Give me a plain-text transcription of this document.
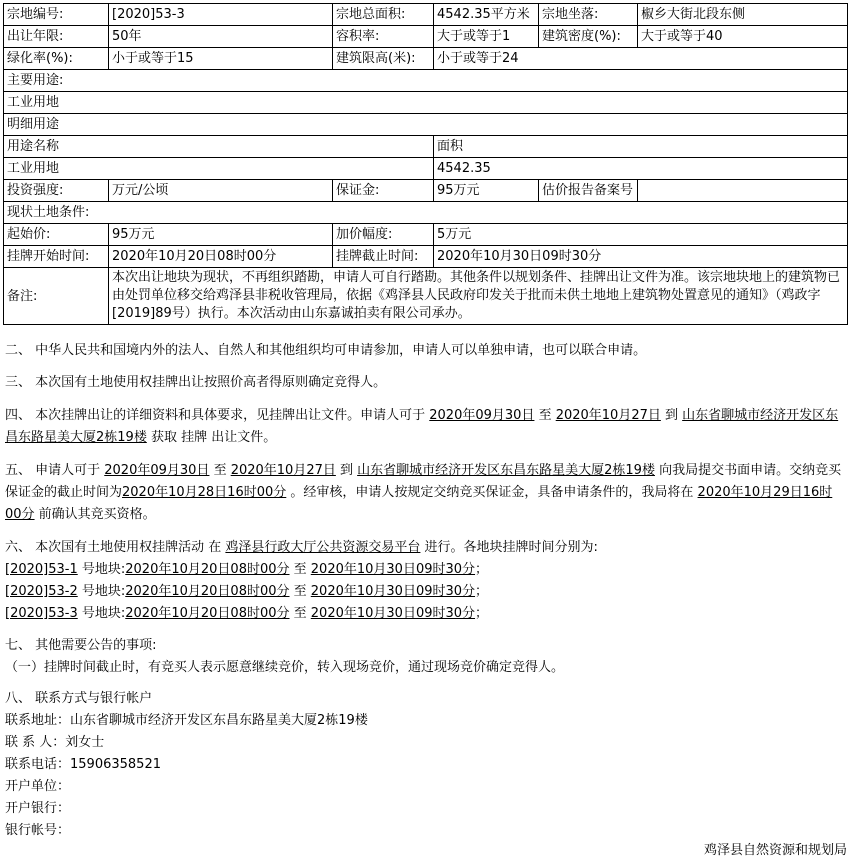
宗地编号:	[2020]53-3	宗地总面积:	4542.35平方米	宗地坐落:	椒乡大街北段东侧
出让年限:	50年	容积率:	大于或等于1	建筑密度(%):	大于或等于40
绿化率(%):	小于或等于15	建筑限高(米):	小于或等于24		
主要用途:					
工业用地					
明细用途					
用途名称			面积		
工业用地			4542.35		
投资强度:	万元/公顷	保证金:	95万元	估价报告备案号	
现状土地条件:					
起始价:	95万元	加价幅度:	5万元		
挂牌开始时间:	2020年10月20日08时00分	挂牌截止时间:	2020年10月30日09时30分		
备注:	本次出让地块为现状，不再组织踏勘，申请人可自行踏勘。其他条件以规划条件、挂牌出让文件为准。该宗地块地上的建筑物已由处罚单位移交给鸡泽县非税收管理局，依据《鸡泽县人民政府印发关于批而未供土地地上建筑物处置意见的通知》（鸡政字[2019]89号）执行。本次活动由山东嘉诚拍卖有限公司承办。				

二、 中华人民共和国境内外的法人、自然人和其他组织均可申请参加，申请人可以单独申请，也可以联合申请。

三、 本次国有土地使用权挂牌出让按照价高者得原则确定竞得人。

四、 本次挂牌出让的详细资料和具体要求，见挂牌出让文件。申请人可于 2020年09月30日 至 2020年10月27日 到 山东省聊城市经济开发区东昌东路星美大厦2栋19楼 获取 挂牌 出让文件。

五、 申请人可于 2020年09月30日 至 2020年10月27日 到 山东省聊城市经济开发区东昌东路星美大厦2栋19楼 向我局提交书面申请。交纳竞买保证金的截止时间为2020年10月28日16时00分 。经审核，申请人按规定交纳竞买保证金，具备申请条件的，我局将在 2020年10月29日16时00分 前确认其竞买资格。

六、 本次国有土地使用权挂牌活动 在 鸡泽县行政大厅公共资源交易平台 进行。各地块挂牌时间分别为:

[2020]53-1 号地块:2020年10月20日08时00分 至 2020年10月30日09时30分；

[2020]53-2 号地块:2020年10月20日08时00分 至 2020年10月30日09时30分；

[2020]53-3 号地块:2020年10月20日08时00分 至 2020年10月30日09时30分；

七、 其他需要公告的事项:

（一）挂牌时间截止时，有竞买人表示愿意继续竞价，转入现场竞价，通过现场竞价确定竞得人。

八、 联系方式与银行帐户

联系地址：山东省聊城市经济开发区东昌东路星美大厦2栋19楼

联 系 人：刘女士

联系电话：15906358521

开户单位：

开户银行：

银行帐号：

鸡泽县自然资源和规划局
